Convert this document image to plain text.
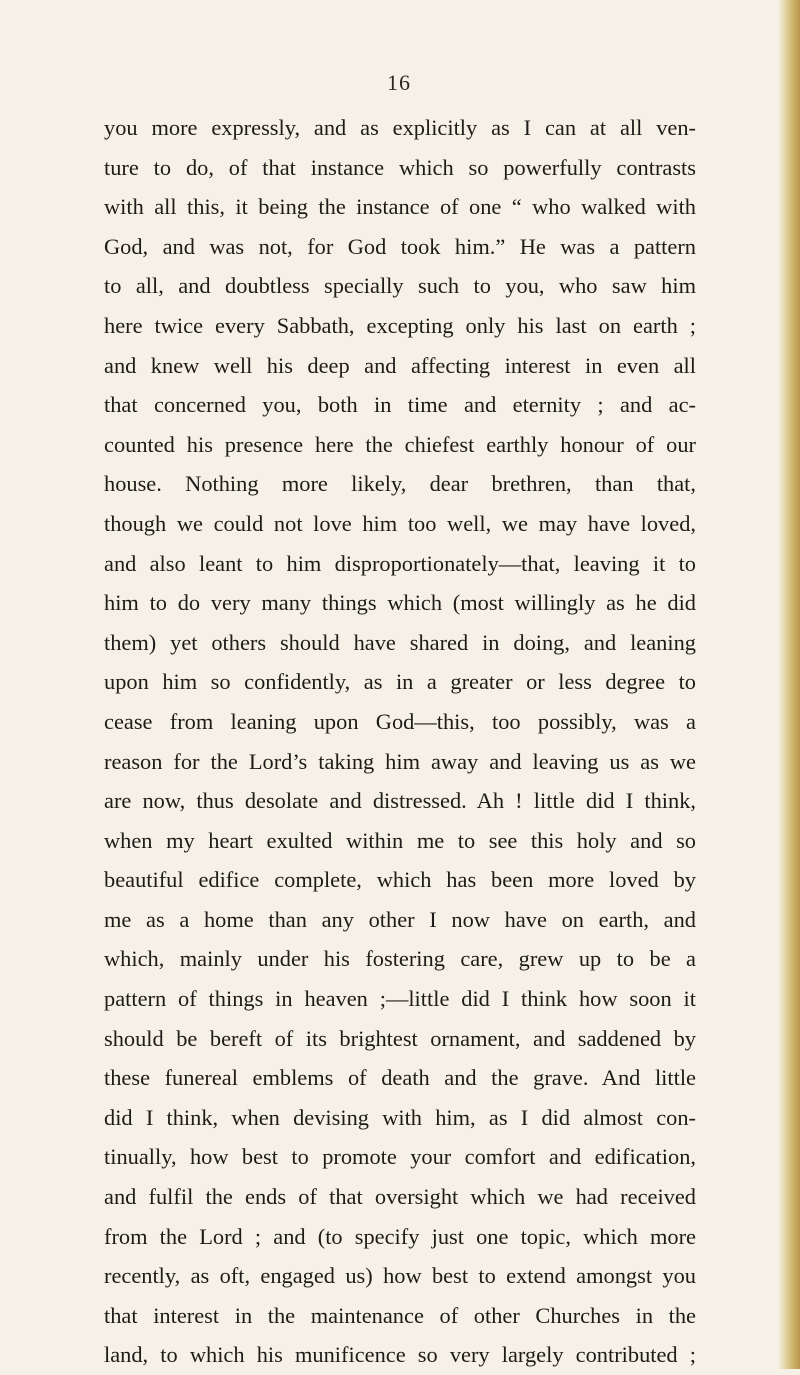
16
you more expressly, and as explicitly as I can at all ven-
ture to do, of that instance which so powerfully contrasts
with all this, it being the instance of one “ who walked with
God, and was not, for God took him.” He was a pattern
to all, and doubtless specially such to you, who saw him
here twice every Sabbath, excepting only his last on earth ;
and knew well his deep and affecting interest in even all
that concerned you, both in time and eternity ; and ac-
counted his presence here the chiefest earthly honour of our
house. Nothing more likely, dear brethren, than that,
though we could not love him too well, we may have loved,
and also leant to him disproportionately—that, leaving it to
him to do very many things which (most willingly as he did
them) yet others should have shared in doing, and leaning
upon him so confidently, as in a greater or less degree to
cease from leaning upon God—this, too possibly, was a
reason for the Lord’s taking him away and leaving us as we
are now, thus desolate and distressed. Ah ! little did I think,
when my heart exulted within me to see this holy and so
beautiful edifice complete, which has been more loved by
me as a home than any other I now have on earth, and
which, mainly under his fostering care, grew up to be a
pattern of things in heaven ;—little did I think how soon it
should be bereft of its brightest ornament, and saddened by
these funereal emblems of death and the grave. And little
did I think, when devising with him, as I did almost con-
tinually, how best to promote your comfort and edification,
and fulfil the ends of that oversight which we had received
from the Lord ; and (to specify just one topic, which more
recently, as oft, engaged us) how best to extend amongst you
that interest in the maintenance of other Churches in the
land, to which his munificence so very largely contributed ;
